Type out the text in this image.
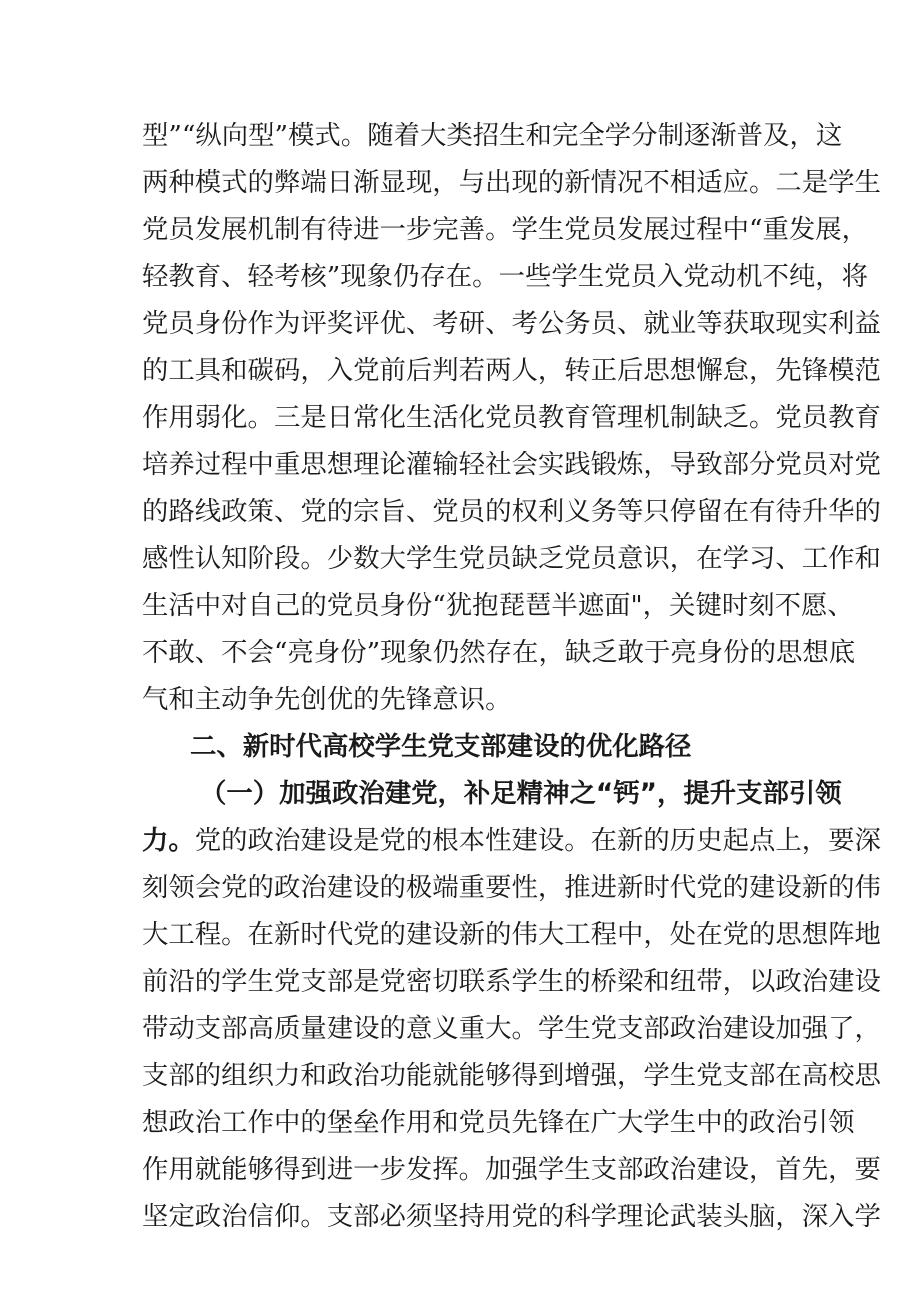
型”“纵向型”模式。随着大类招生和完全学分制逐渐普及，这
两种模式的弊端日渐显现，与出现的新情况不相适应。二是学生
党员发展机制有待进一步完善。学生党员发展过程中“重发展，
轻教育、轻考核”现象仍存在。一些学生党员入党动机不纯，将
党员身份作为评奖评优、考研、考公务员、就业等获取现实利益
的工具和碳码，入党前后判若两人，转正后思想懈怠，先锋模范
作用弱化。三是日常化生活化党员教育管理机制缺乏。党员教育
培养过程中重思想理论灌输轻社会实践锻炼，导致部分党员对党
的路线政策、党的宗旨、党员的权利义务等只停留在有待升华的
感性认知阶段。少数大学生党员缺乏党员意识，在学习、工作和
生活中对自己的党员身份“犹抱琵琶半遮面"，关键时刻不愿、
不敢、不会“亮身份”现象仍然存在，缺乏敢于亮身份的思想底
气和主动争先创优的先锋意识。
二、新时代高校学生党支部建设的优化路径
（一）加强政治建党，补足精神之“钙”，提升支部引领
力。党的政治建设是党的根本性建设。在新的历史起点上，要深
刻领会党的政治建设的极端重要性，推进新时代党的建设新的伟
大工程。在新时代党的建设新的伟大工程中，处在党的思想阵地
前沿的学生党支部是党密切联系学生的桥梁和纽带，以政治建设
带动支部高质量建设的意义重大。学生党支部政治建设加强了，
支部的组织力和政治功能就能够得到增强，学生党支部在高校思
想政治工作中的堡垒作用和党员先锋在广大学生中的政治引领
作用就能够得到进一步发挥。加强学生支部政治建设，首先，要
坚定政治信仰。支部必须坚持用党的科学理论武装头脑，深入学
